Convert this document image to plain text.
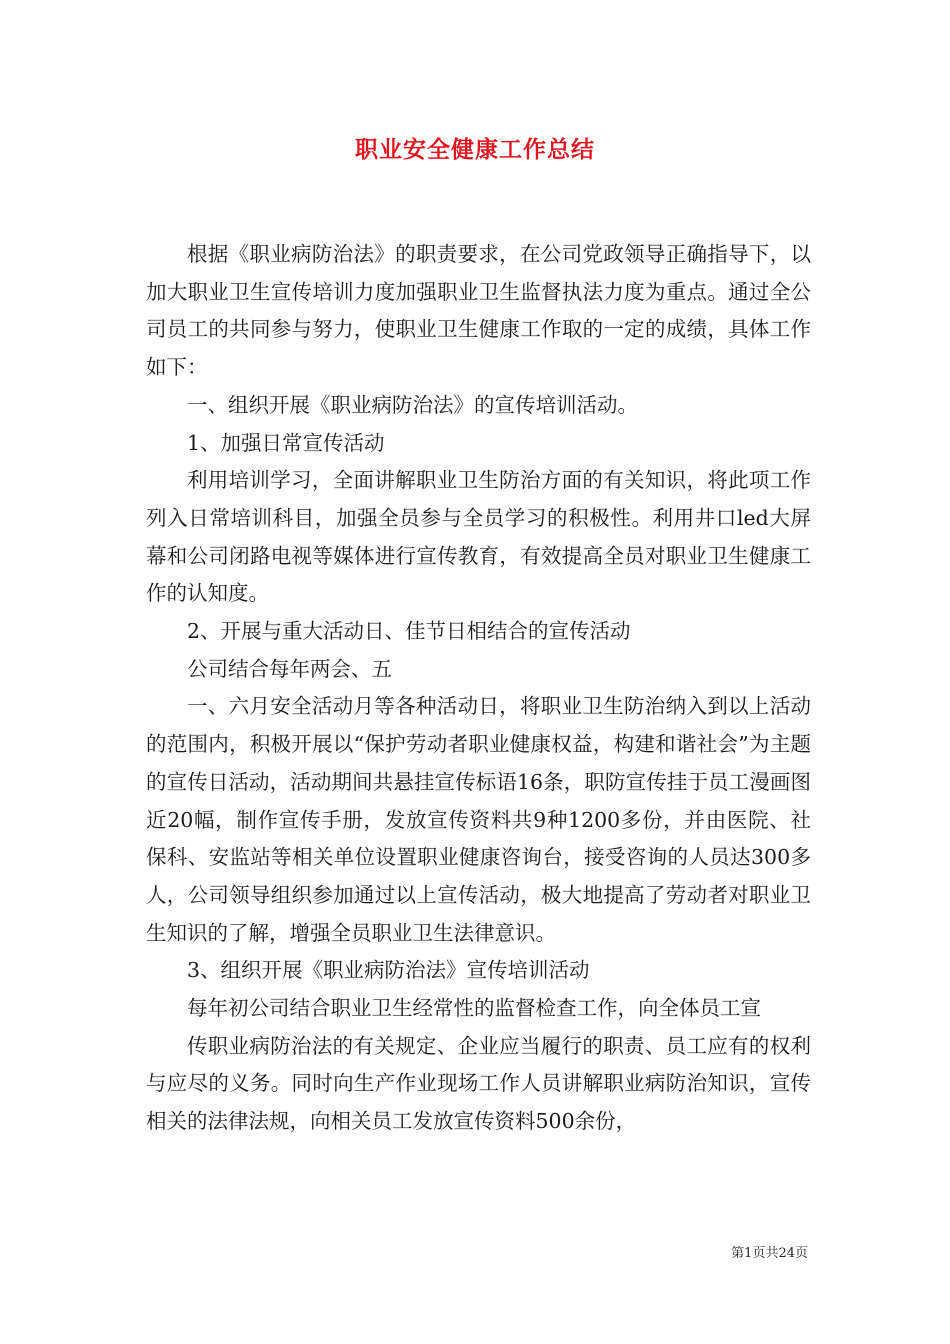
职业安全健康工作总结

根据《职业病防治法》的职责要求，在公司党政领导正确指导下，以加大职业卫生宣传培训力度加强职业卫生监督执法力度为重点。通过全公司员工的共同参与努力，使职业卫生健康工作取的一定的成绩，具体工作如下：

一、组织开展《职业病防治法》的宣传培训活动。

1、加强日常宣传活动

利用培训学习，全面讲解职业卫生防治方面的有关知识，将此项工作列入日常培训科目，加强全员参与全员学习的积极性。利用井口led大屏幕和公司闭路电视等媒体进行宣传教育，有效提高全员对职业卫生健康工作的认知度。

2、开展与重大活动日、佳节日相结合的宣传活动

公司结合每年两会、五

一、六月安全活动月等各种活动日，将职业卫生防治纳入到以上活动的范围内，积极开展以“保护劳动者职业健康权益，构建和谐社会”为主题的宣传日活动，活动期间共悬挂宣传标语16条，职防宣传挂于员工漫画图近20幅，制作宣传手册，发放宣传资料共9种1200多份，并由医院、社保科、安监站等相关单位设置职业健康咨询台，接受咨询的人员达300多人，公司领导组织参加通过以上宣传活动，极大地提高了劳动者对职业卫生知识的了解，增强全员职业卫生法律意识。

3、组织开展《职业病防治法》宣传培训活动

每年初公司结合职业卫生经常性的监督检查工作，向全体员工宣

传职业病防治法的有关规定、企业应当履行的职责、员工应有的权利与应尽的义务。同时向生产作业现场工作人员讲解职业病防治知识，宣传相关的法律法规，向相关员工发放宣传资料500余份，

第1页共24页
